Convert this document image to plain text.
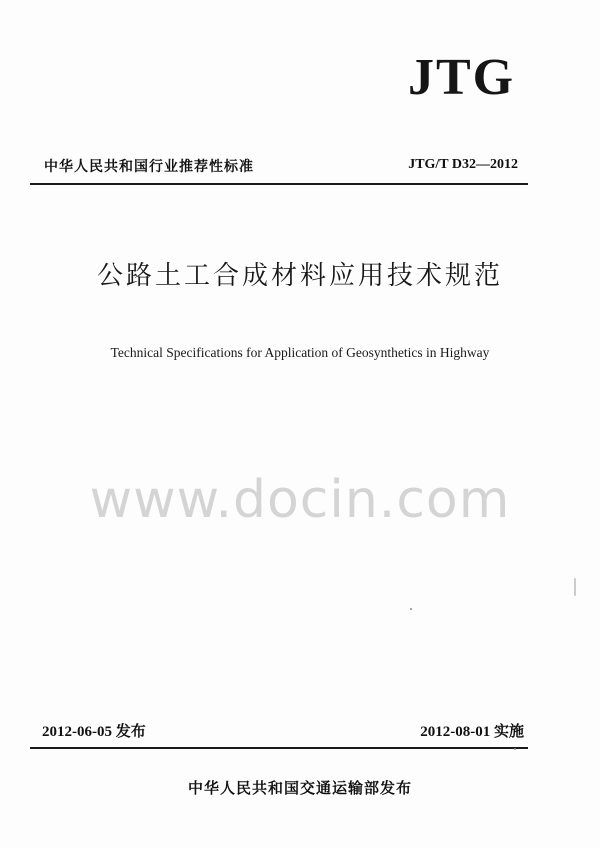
JTG
中华人民共和国行业推荐性标准	JTG/T D32—2012
公路土工合成材料应用技术规范
Technical Specifications for Application of Geosynthetics in Highway
www.docin.com
2012-06-05 发布	2012-08-01 实施
中华人民共和国交通运输部发布
